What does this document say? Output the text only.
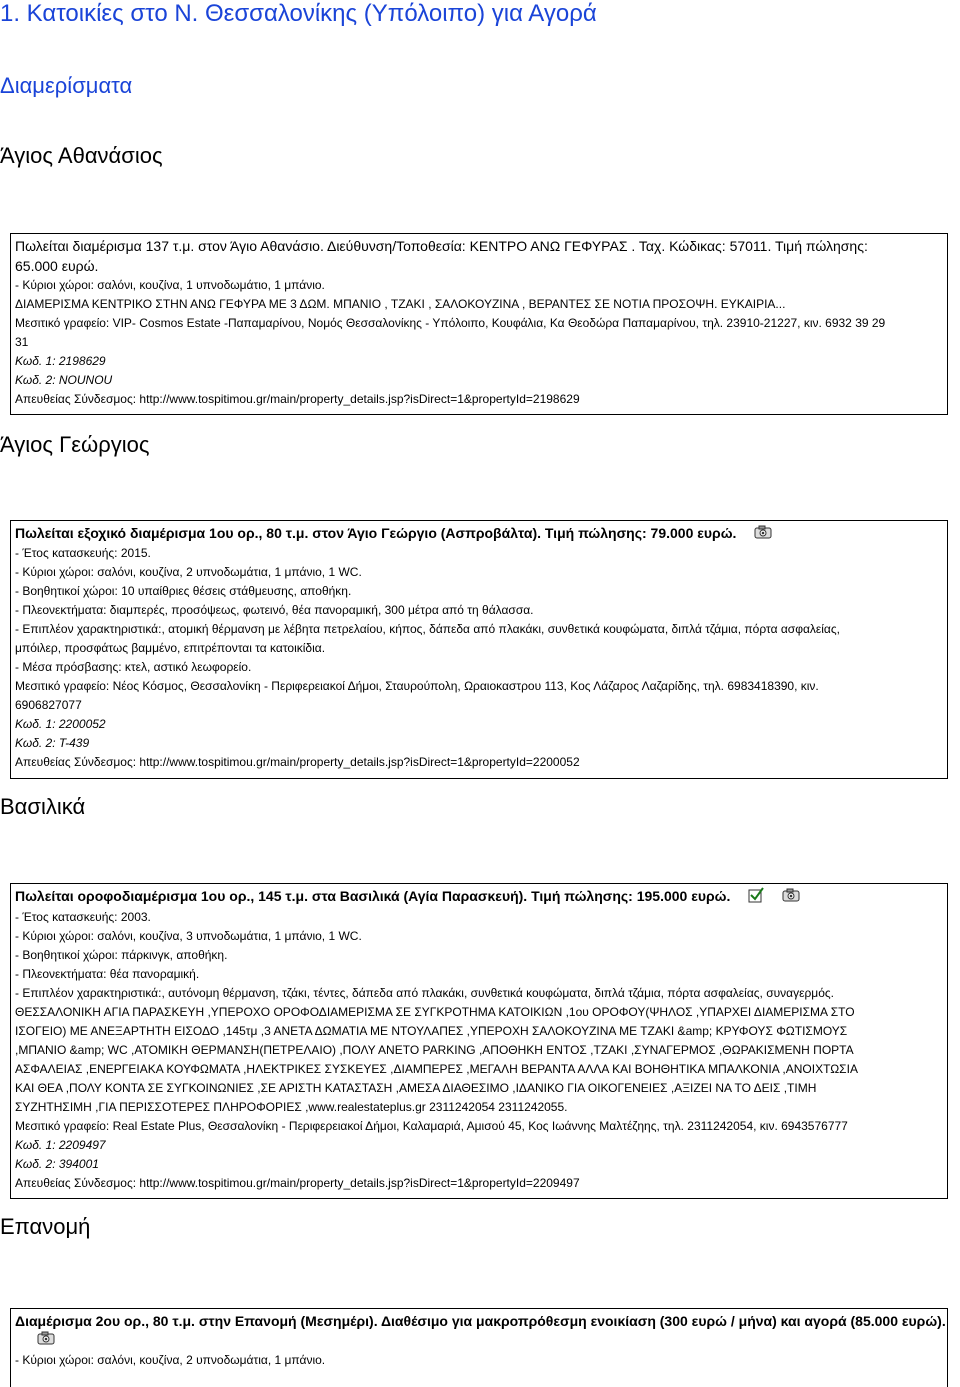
1. Κατοικίες στο Ν. Θεσσαλονίκης (Υπόλοιπο) για Αγορά
Διαμερίσματα
Άγιος Αθανάσιος
Πωλείται διαμέρισμα 137 τ.μ. στον Άγιο Αθανάσιο. Διεύθυνση/Τοποθεσία: ΚΕΝΤΡΟ ΑΝΩ ΓΕΦΥΡΑΣ . Ταχ. Κώδικας: 57011. Τιμή πώλησης:
65.000 ευρώ.
- Κύριοι χώροι: σαλόνι, κουζίνα, 1 υπνοδωμάτιο, 1 μπάνιο.
ΔΙΑΜΕΡΙΣΜΑ ΚΕΝΤΡΙΚΟ ΣΤΗΝ ΑΝΩ ΓΕΦΥΡΑ ΜΕ 3 ΔΩΜ. ΜΠΑΝΙΟ , ΤΖΑΚΙ , ΣΑΛΟΚΟΥΖΙΝΑ , ΒΕΡΑΝΤΕΣ ΣΕ ΝΟΤΙΑ ΠΡΟΣΟΨΗ. ΕΥΚΑΙΡΙΑ...
Μεσιτικό γραφείο: VIP- Cosmos Estate -Παπαμαρίνου, Νομός Θεσσαλονίκης - Υπόλοιπο, Κουφάλια, Κα Θεοδώρα Παπαμαρίνου, τηλ. 23910-21227, κιν. 6932 39 29
31
Κωδ. 1: 2198629
Κωδ. 2: NOUNOU
Απευθείας Σύνδεσμος: http://www.tospitimou.gr/main/property_details.jsp?isDirect=1&propertyId=2198629
Άγιος Γεώργιος
Πωλείται εξοχικό διαμέρισμα 1ου ορ., 80 τ.μ. στον Άγιο Γεώργιο (Ασπροβάλτα). Τιμή πώλησης: 79.000 ευρώ.
- Έτος κατασκευής: 2015.
- Κύριοι χώροι: σαλόνι, κουζίνα, 2 υπνοδωμάτια, 1 μπάνιο, 1 WC.
- Βοηθητικοί χώροι: 10 υπαίθριες θέσεις στάθμευσης, αποθήκη.
- Πλεονεκτήματα: διαμπερές, προσόψεως, φωτεινό, θέα πανοραμική, 300 μέτρα από τη θάλασσα.
- Επιπλέον χαρακτηριστικά:, ατομική θέρμανση με λέβητα πετρελαίου, κήπος, δάπεδα από πλακάκι, συνθετικά κουφώματα, διπλά τζάμια, πόρτα ασφαλείας,
μπόιλερ, προσφάτως βαμμένο, επιτρέπονται τα κατοικίδια.
- Μέσα πρόσβασης: κτελ, αστικό λεωφορείο.
Μεσιτικό γραφείο: Νέος Κόσμος, Θεσσαλονίκη - Περιφερειακοί Δήμοι, Σταυρούπολη, Ωραιοκαστρου 113, Κος Λάζαρος Λαζαρίδης, τηλ. 6983418390, κιν.
6906827077
Κωδ. 1: 2200052
Κωδ. 2: T-439
Απευθείας Σύνδεσμος: http://www.tospitimou.gr/main/property_details.jsp?isDirect=1&propertyId=2200052
Βασιλικά
Πωλείται οροφοδιαμέρισμα 1ου ορ., 145 τ.μ. στα Βασιλικά (Αγία Παρασκευή). Τιμή πώλησης: 195.000 ευρώ.
- Έτος κατασκευής: 2003.
- Κύριοι χώροι: σαλόνι, κουζίνα, 3 υπνοδωμάτια, 1 μπάνιο, 1 WC.
- Βοηθητικοί χώροι: πάρκινγκ, αποθήκη.
- Πλεονεκτήματα: θέα πανοραμική.
- Επιπλέον χαρακτηριστικά:, αυτόνομη θέρμανση, τζάκι, τέντες, δάπεδα από πλακάκι, συνθετικά κουφώματα, διπλά τζάμια, πόρτα ασφαλείας, συναγερμός.
ΘΕΣΣΑΛΟΝΙΚΗ ΑΓΙΑ ΠΑΡΑΣΚΕΥΗ ,ΥΠΕΡΟΧΟ ΟΡΟΦΟΔΙΑΜΕΡΙΣΜΑ ΣΕ ΣΥΓΚΡΟΤΗΜΑ ΚΑΤΟΙΚΙΩΝ ,1ου ΟΡΟΦΟΥ(ΨΗΛΟΣ ,ΥΠΑΡΧΕΙ ΔΙΑΜΕΡΙΣΜΑ ΣΤΟ
ΙΣΟΓΕΙΟ) ΜΕ ΑΝΕΞΑΡΤΗΤΗ ΕΙΣΟΔΟ ,145τμ ,3 ΑΝΕΤΑ ΔΩΜΑΤΙΑ ΜΕ ΝΤΟΥΛΑΠΕΣ ,ΥΠΕΡΟΧΗ ΣΑΛΟΚΟΥΖΙΝΑ ΜΕ ΤΖΑΚΙ &amp; ΚΡΥΦΟΥΣ ΦΩΤΙΣΜΟΥΣ
,ΜΠΑΝΙΟ &amp; WC ,ΑΤΟΜΙΚΗ ΘΕΡΜΑΝΣΗ(ΠΕΤΡΕΛΑΙΟ) ,ΠΟΛΥ ΑΝΕΤΟ PARKING ,ΑΠΟΘΗΚΗ ΕΝΤΟΣ ,ΤΖΑΚΙ ,ΣΥΝΑΓΕΡΜΟΣ ,ΘΩΡΑΚΙΣΜΕΝΗ ΠΟΡΤΑ
ΑΣΦΑΛΕΙΑΣ ,ΕΝΕΡΓΕΙΑΚΑ ΚΟΥΦΩΜΑΤΑ ,ΗΛΕΚΤΡΙΚΕΣ ΣΥΣΚΕΥΕΣ ,ΔΙΑΜΠΕΡΕΣ ,ΜΕΓΑΛΗ ΒΕΡΑΝΤΑ ΑΛΛΑ ΚΑΙ ΒΟΗΘΗΤΙΚΑ ΜΠΑΛΚΟΝΙΑ ,ΑΝΟΙΧΤΩΣΙΑ
ΚΑΙ ΘΕΑ ,ΠΟΛΥ ΚΟΝΤΑ ΣΕ ΣΥΓΚΟΙΝΩΝΙΕΣ ,ΣΕ ΑΡΙΣΤΗ ΚΑΤΑΣΤΑΣΗ ,ΑΜΕΣΑ ΔΙΑΘΕΣΙΜΟ ,ΙΔΑΝΙΚΟ ΓΙΑ ΟΙΚΟΓΕΝΕΙΕΣ ,ΑΞΙΖΕΙ ΝΑ ΤΟ ΔΕΙΣ ,ΤΙΜΗ
ΣΥΖΗΤΗΣΙΜΗ ,ΓΙΑ ΠΕΡΙΣΣΟΤΕΡΕΣ ΠΛΗΡΟΦΟΡΙΕΣ ,www.realestateplus.gr 2311242054 2311242055.
Μεσιτικό γραφείο: Real Estate Plus, Θεσσαλονίκη - Περιφερειακοί Δήμοι, Καλαμαριά, Αμισού 45, Κος Ιωάννης Μαλτέζηης, τηλ. 2311242054, κιν. 6943576777
Κωδ. 1: 2209497
Κωδ. 2: 394001
Απευθείας Σύνδεσμος: http://www.tospitimou.gr/main/property_details.jsp?isDirect=1&propertyId=2209497
Επανομή
Διαμέρισμα 2ου ορ., 80 τ.μ. στην Επανομή (Μεσημέρι). Διαθέσιμο για μακροπρόθεσμη ενοικίαση (300 ευρώ / μήνα) και αγορά (85.000 ευρώ).
- Κύριοι χώροι: σαλόνι, κουζίνα, 2 υπνοδωμάτια, 1 μπάνιο.
